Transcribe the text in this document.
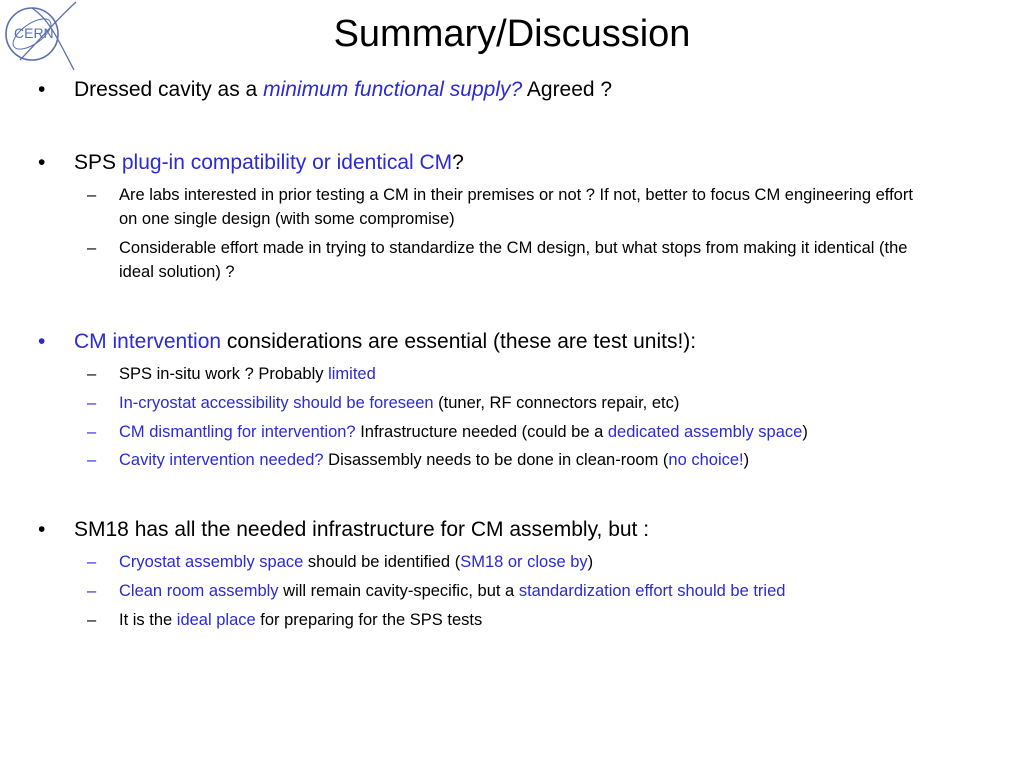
CERN	Summary/Discussion
•	Dressed cavity as a minimum functional supply? Agreed ?
•	SPS plug-in compatibility or identical CM?
–	Are labs interested in prior testing a CM in their premises or not ? If not, better to focus CM engineering effort on one single design (with some compromise)
–	Considerable effort made in trying to standardize the CM design, but what stops from making it identical (the ideal solution) ?
•	CM intervention considerations are essential (these are test units!):
–	SPS in-situ work ? Probably limited
–	In-cryostat accessibility should be foreseen (tuner, RF connectors repair, etc)
–	CM dismantling for intervention? Infrastructure needed (could be a dedicated assembly space)
–	Cavity intervention needed? Disassembly needs to be done in clean-room (no choice!)
•	SM18 has all the needed infrastructure for CM assembly, but :
–	Cryostat assembly space should be identified (SM18 or close by)
–	Clean room assembly will remain cavity-specific, but a standardization effort should be tried
–	It is the ideal place for preparing for the SPS tests
